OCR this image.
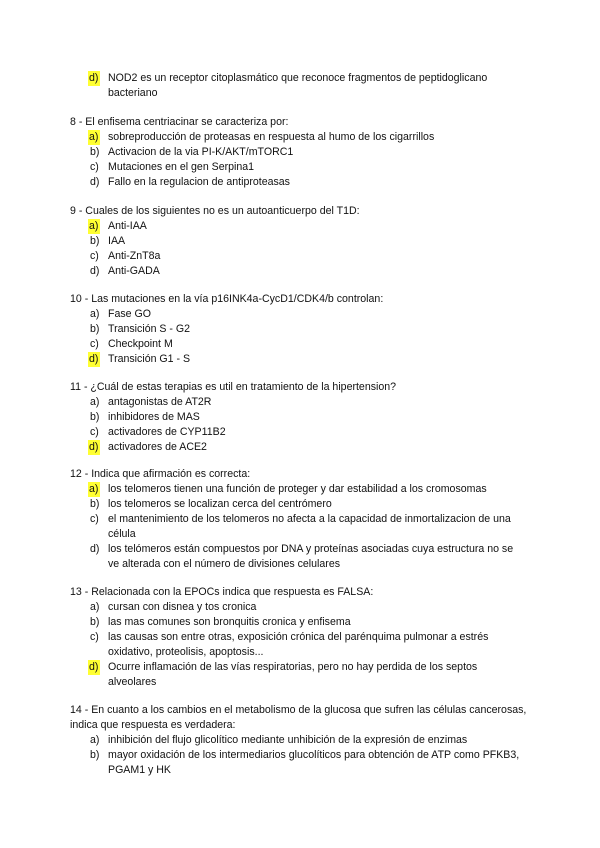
d) NOD2 es un receptor citoplasmático que reconoce fragmentos de peptidoglicano bacteriano
8 - El enfisema centriacinar se caracteriza por:
a) sobreproducción de proteasas en respuesta al humo de los cigarrillos
b) Activacion de la via PI-K/AKT/mTORC1
c) Mutaciones en el gen Serpina1
d) Fallo en la regulacion de antiproteasas
9 - Cuales de los siguientes no es un autoanticuerpo del T1D:
a) Anti-IAA
b) IAA
c) Anti-ZnT8a
d) Anti-GADA
10 - Las mutaciones en la vía p16INK4a-CycD1/CDK4/b controlan:
a) Fase GO
b) Transición S - G2
c) Checkpoint M
d) Transición G1 - S
11 - ¿Cuál de estas terapias es util en tratamiento de la hipertension?
a) antagonistas de AT2R
b) inhibidores de MAS
c) activadores de CYP11B2
d) activadores de ACE2
12 - Indica que afirmación es correcta:
a) los telomeros tienen una función de proteger y dar estabilidad a los cromosomas
b) los telomeros se localizan cerca del centrómero
c) el mantenimiento de los telomeros no afecta a la capacidad de inmortalizacion de una célula
d) los telómeros están compuestos por DNA y proteínas asociadas cuya estructura no se ve alterada con el número de divisiones celulares
13 - Relacionada con la EPOCs indica que respuesta es FALSA:
a) cursan con disnea y tos cronica
b) las mas comunes son bronquitis cronica y enfisema
c) las causas son entre otras, exposición crónica del parénquima pulmonar a estrés oxidativo, proteolisis, apoptosis...
d) Ocurre inflamación de las vías respiratorias, pero no hay perdida de los septos alveolares
14 - En cuanto a los cambios en el metabolismo de la glucosa que sufren las células cancerosas, indica que respuesta es verdadera:
a) inhibición del flujo glicolítico mediante unhibición de la expresión de enzimas
b) mayor oxidación de los intermediarios glucolíticos para obtención de ATP como PFKB3, PGAM1 y HK
